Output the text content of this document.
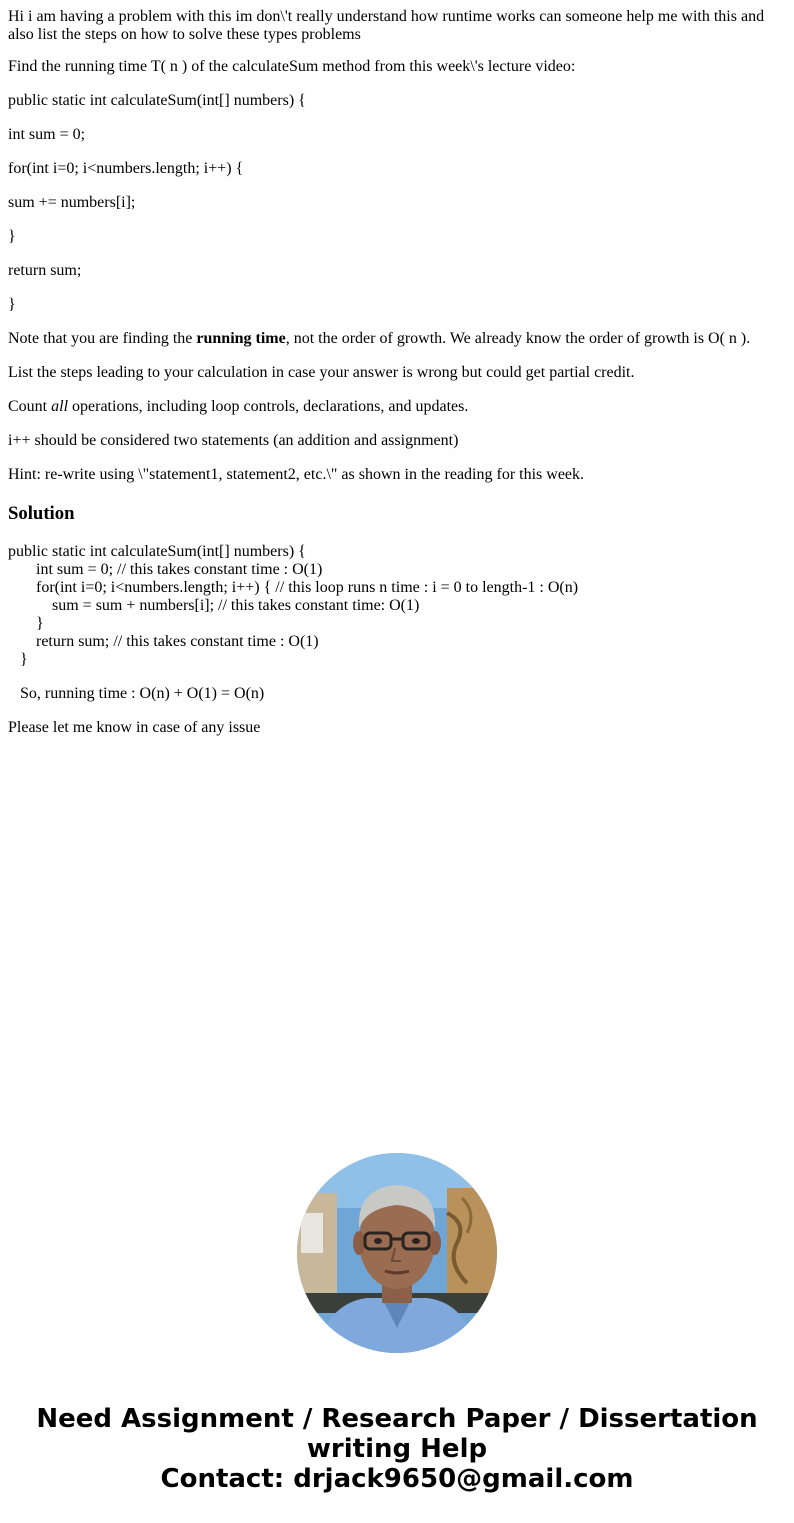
Hi i am having a problem with this im don\'t really understand how runtime works can someone help me with this and also list the steps on how to solve these types problems

Find the running time T( n ) of the calculateSum method from this week\'s lecture video:

public static int calculateSum(int[] numbers) {

int sum = 0;

for(int i=0; i<numbers.length; i++) {

sum += numbers[i];

}

return sum;

}

Note that you are finding the running time, not the order of growth. We already know the order of growth is O( n ).

List the steps leading to your calculation in case your answer is wrong but could get partial credit.

Count all operations, including loop controls, declarations, and updates.

i++ should be considered two statements (an addition and assignment)

Hint: re-write using \"statement1, statement2, etc.\" as shown in the reading for this week.

Solution
public static int calculateSum(int[] numbers) {
int sum = 0; // this takes constant time : O(1)
for(int i=0; i<numbers.length; i++) { // this loop runs n time : i = 0 to length-1 : O(n)
sum = sum + numbers[i]; // this takes constant time: O(1)
}
return sum; // this takes constant time : O(1)
}

So, running time : O(n) + O(1) = O(n)

Please let me know in case of any issue

Need Assignment / Research Paper / Dissertation
writing Help
Contact: drjack9650@gmail.com
